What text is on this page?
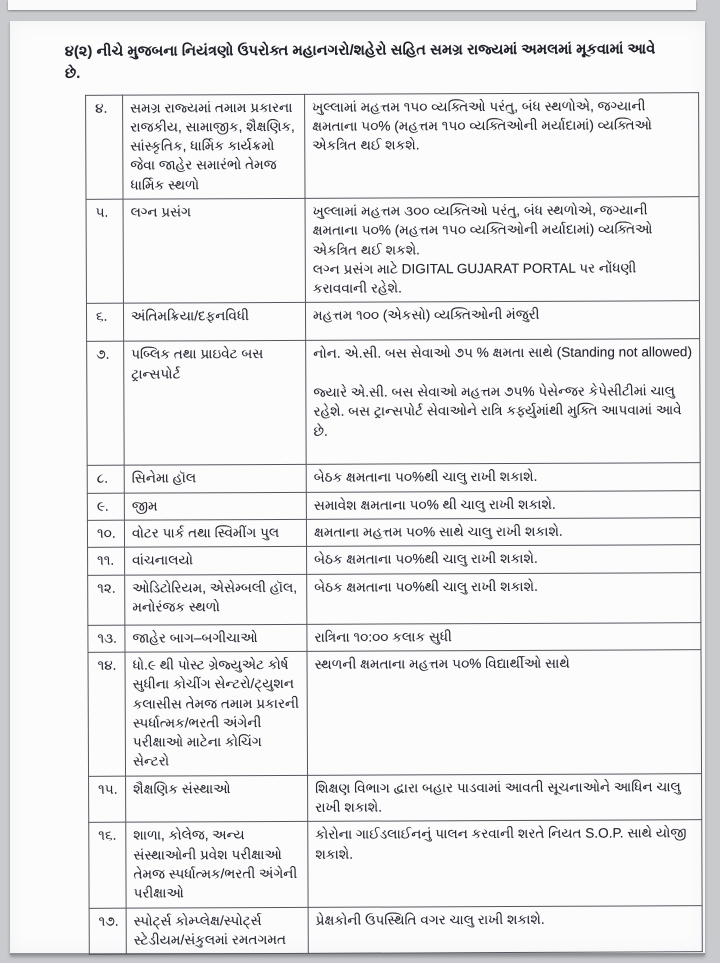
૪(૨) નીચે મુજબના નિયંત્રણો ઉપરોક્ત મહાનગરો/શહેરો સહિત સમગ્ર રાજ્યમાં અમલમાં મૂકવામાં આવે છે.

૪.	સમગ્ર રાજ્યમાં તમામ પ્રકારના રાજકીય, સામાજીક, શૈક્ષણિક, સાંસ્કૃતિક, ધાર્મિક કાર્યક્રમો જેવા જાહેર સમારંભો તેમજ ધાર્મિક સ્થળો	ખુલ્લામાં મહત્તમ ૧૫૦ વ્યક્તિઓ પરંતુ, બંધ સ્થળોએ, જગ્યાની ક્ષમતાના ૫૦% (મહત્તમ ૧૫૦ વ્યક્તિઓની મર્યાદામાં) વ્યક્તિઓ એકત્રિત થઈ શકશે.
૫.	લગ્ન પ્રસંગ	ખુલ્લામાં મહત્તમ ૩૦૦ વ્યક્તિઓ પરંતુ, બંધ સ્થળોએ, જગ્યાની ક્ષમતાના ૫૦% (મહત્તમ ૧૫૦ વ્યક્તિઓની મર્યાદામાં) વ્યક્તિઓ એકત્રિત થઈ શકશે.
લગ્ન પ્રસંગ માટે DIGITAL GUJARAT PORTAL પર નોંધણી કરાવવાની રહેશે.
૬.	અંતિમક્રિયા/દફનવિધી	મહત્તમ ૧૦૦ (એકસો) વ્યક્તિઓની મંજુરી
૭.	પબ્લિક તથા પ્રાઇવેટ બસ ટ્રાન્સપોર્ટ	નોન. એ.સી. બસ સેવાઓ ૭૫ % ક્ષમતા સાથે (Standing not allowed)

જ્યારે એ.સી. બસ સેવાઓ મહત્તમ ૭૫% પેસેન્જર કેપેસીટીમાં ચાલુ રહેશે. બસ ટ્રાન્સપોર્ટ સેવાઓને રાત્રિ કર્ફ્યુમાંથી મુક્તિ આપવામાં આવે છે.
૮.	સિનેમા હૉલ	બેઠક ક્ષમતાના ૫૦%થી ચાલુ રાખી શકાશે.
૯.	જીમ	સમાવેશ ક્ષમતાના ૫૦% થી ચાલુ રાખી શકાશે.
૧૦.	વોટર પાર્ક તથા સ્વિમીંગ પુલ	ક્ષમતાના મહત્તમ ૫૦% સાથે ચાલુ રાખી શકાશે.
૧૧.	વાંચનાલયો	બેઠક ક્ષમતાના ૫૦%થી ચાલુ રાખી શકાશે.
૧૨.	ઓડિટોરિયમ, એસેમ્બલી હૉલ, મનોરંજક સ્થળો	બેઠક ક્ષમતાના ૫૦%થી ચાલુ રાખી શકાશે.
૧૩.	જાહેર બાગ–બગીચાઓ	રાત્રિના ૧૦:૦૦ કલાક સુધી
૧૪.	ધો.૯ થી પોસ્ટ ગ્રેજ્યુએટ કોર્ષ સુધીના કોચીંગ સેન્ટરો/ટ્યુશન કલાસીસ તેમજ તમામ પ્રકારની સ્પર્ધાત્મક/ભરતી અંગેની પરીક્ષાઓ માટેના કોચિંગ સેન્ટરો	સ્થળની ક્ષમતાના મહત્તમ ૫૦% વિદ્યાર્થીઓ સાથે
૧૫.	શૈક્ષણિક સંસ્થાઓ	શિક્ષણ વિભાગ દ્વારા બહાર પાડવામાં આવતી સૂચનાઓને આધિન ચાલુ રાખી શકાશે.
૧૬.	શાળા, કોલેજ, અન્ય સંસ્થાઓની પ્રવેશ પરીક્ષાઓ તેમજ સ્પર્ધાત્મક/ભરતી અંગેની પરીક્ષાઓ	કોરોના ગાઈડલાઈનનું પાલન કરવાની શરતે નિયત S.O.P. સાથે યોજી શકાશે.
૧૭.	સ્પોર્ટ્સ કોમ્પ્લેક્ષ/સ્પોર્ટ્સ સ્ટેડીયમ/સંકુલમાં રમતગમત	પ્રેક્ષકોની ઉપસ્થિતિ વગર ચાલુ રાખી શકાશે.
